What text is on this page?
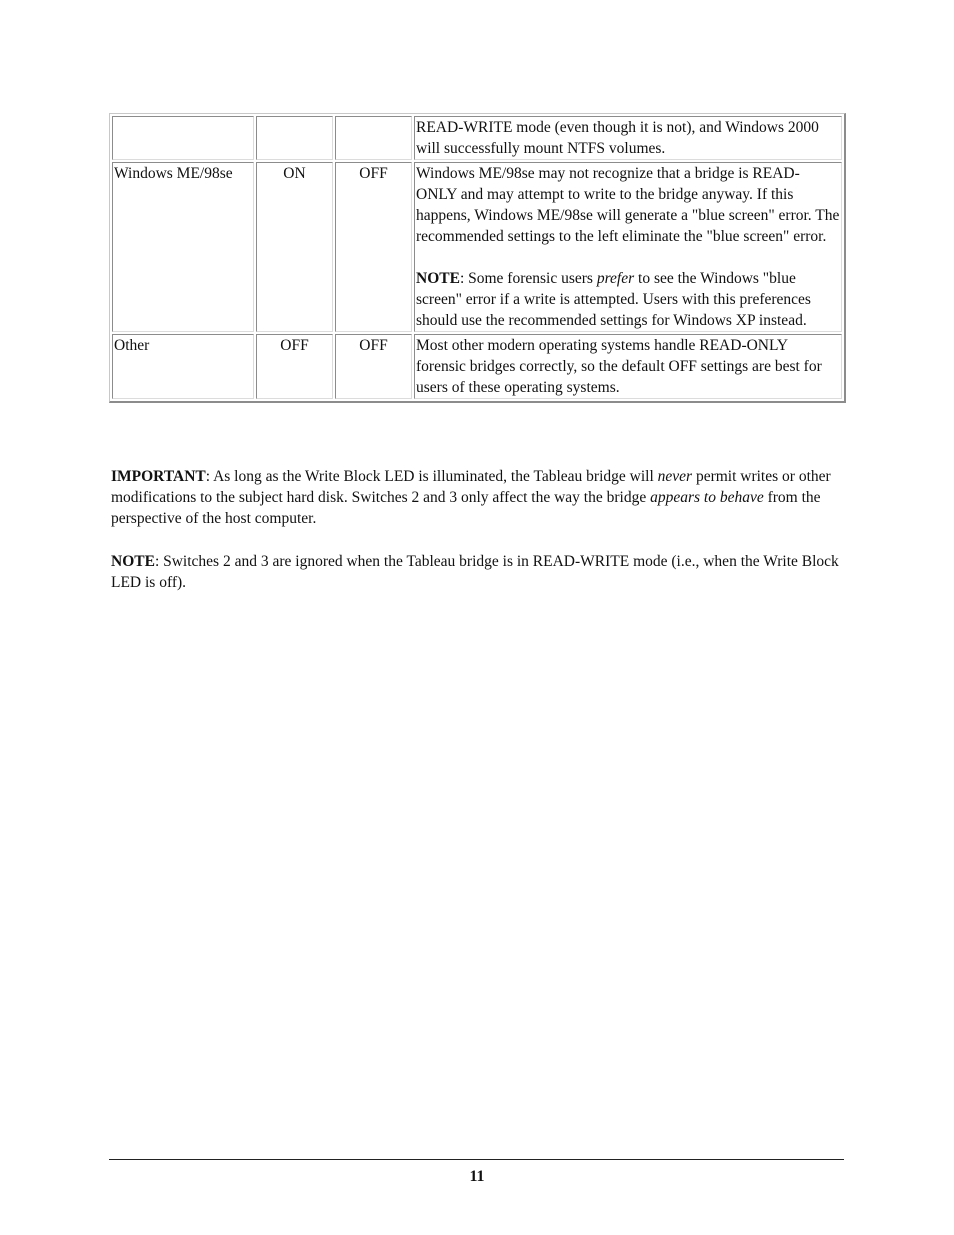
			READ-WRITE mode (even though it is not), and Windows 2000 will successfully mount NTFS volumes.

Windows ME/98se	ON	OFF	Windows ME/98se may not recognize that a bridge is READ-ONLY and may attempt to write to the bridge anyway. If this happens, Windows ME/98se will generate a "blue screen" error. The recommended settings to the left eliminate the "blue screen" error.

NOTE: Some forensic users prefer to see the Windows "blue screen" error if a write is attempted. Users with this preferences should use the recommended settings for Windows XP instead.

Other	OFF	OFF	Most other modern operating systems handle READ-ONLY forensic bridges correctly, so the default OFF settings are best for users of these operating systems.

IMPORTANT: As long as the Write Block LED is illuminated, the Tableau bridge will never permit writes or other modifications to the subject hard disk. Switches 2 and 3 only affect the way the bridge appears to behave from the perspective of the host computer.

NOTE: Switches 2 and 3 are ignored when the Tableau bridge is in READ-WRITE mode (i.e., when the Write Block LED is off).

11
